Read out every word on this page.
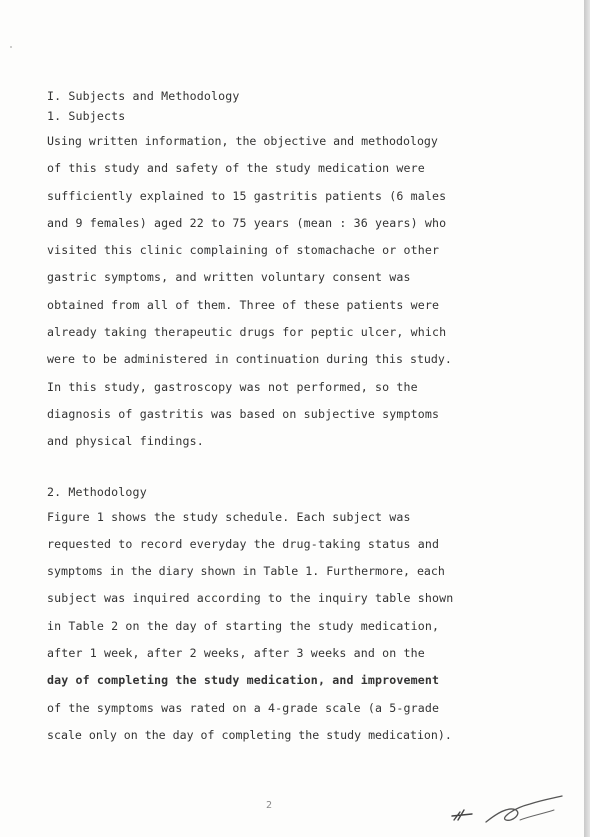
I. Subjects and Methodology
1. Subjects
Using written information, the objective and methodology
of this study and safety of the study medication were
sufficiently explained to 15 gastritis patients (6 males
and 9 females) aged 22 to 75 years (mean : 36 years) who
visited this clinic complaining of stomachache or other
gastric symptoms, and written voluntary consent was
obtained from all of them. Three of these patients were
already taking therapeutic drugs for peptic ulcer, which
were to be administered in continuation during this study.
In this study, gastroscopy was not performed, so the
diagnosis of gastritis was based on subjective symptoms
and physical findings.
2. Methodology
Figure 1 shows the study schedule. Each subject was
requested to record everyday the drug-taking status and
symptoms in the diary shown in Table 1. Furthermore, each
subject was inquired according to the inquiry table shown
in Table 2 on the day of starting the study medication,
after 1 week, after 2 weeks, after 3 weeks and on the
day of completing the study medication, and improvement
of the symptoms was rated on a 4-grade scale (a 5-grade
scale only on the day of completing the study medication).
2
